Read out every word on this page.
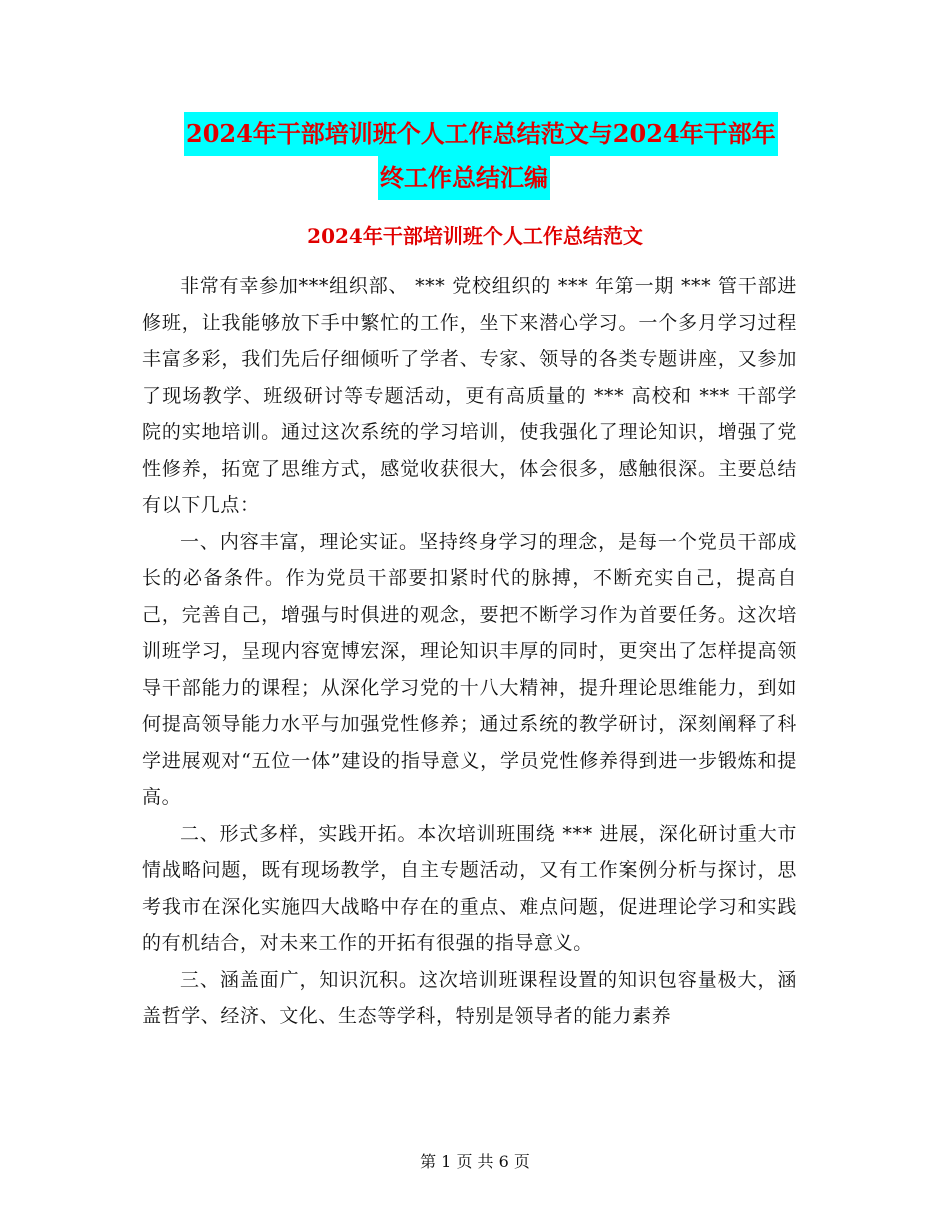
2024年干部培训班个人工作总结范文与2024年干部年
终工作总结汇编
2024年干部培训班个人工作总结范文

非常有幸参加***组织部、 *** 党校组织的 *** 年第一期 *** 管干部进修班，让我能够放下手中繁忙的工作，坐下来潜心学习。一个多月学习过程丰富多彩，我们先后仔细倾听了学者、专家、领导的各类专题讲座，又参加了现场教学、班级研讨等专题活动，更有高质量的 *** 高校和 *** 干部学院的实地培训。通过这次系统的学习培训，使我强化了理论知识，增强了党性修养，拓宽了思维方式，感觉收获很大，体会很多，感触很深。主要总结有以下几点：

一、内容丰富，理论实证。坚持终身学习的理念，是每一个党员干部成长的必备条件。作为党员干部要扣紧时代的脉搏，不断充实自己，提高自己，完善自己，增强与时俱进的观念，要把不断学习作为首要任务。这次培训班学习，呈现内容宽博宏深，理论知识丰厚的同时，更突出了怎样提高领导干部能力的课程；从深化学习党的十八大精神，提升理论思维能力，到如何提高领导能力水平与加强党性修养；通过系统的教学研讨，深刻阐释了科学进展观对“五位一体”建设的指导意义，学员党性修养得到进一步锻炼和提高。

二、形式多样，实践开拓。本次培训班围绕 *** 进展，深化研讨重大市情战略问题，既有现场教学，自主专题活动，又有工作案例分析与探讨，思考我市在深化实施四大战略中存在的重点、难点问题，促进理论学习和实践的有机结合，对未来工作的开拓有很强的指导意义。

三、涵盖面广，知识沉积。这次培训班课程设置的知识包容量极大，涵盖哲学、经济、文化、生态等学科，特别是领导者的能力素养

第 1 页 共 6 页
